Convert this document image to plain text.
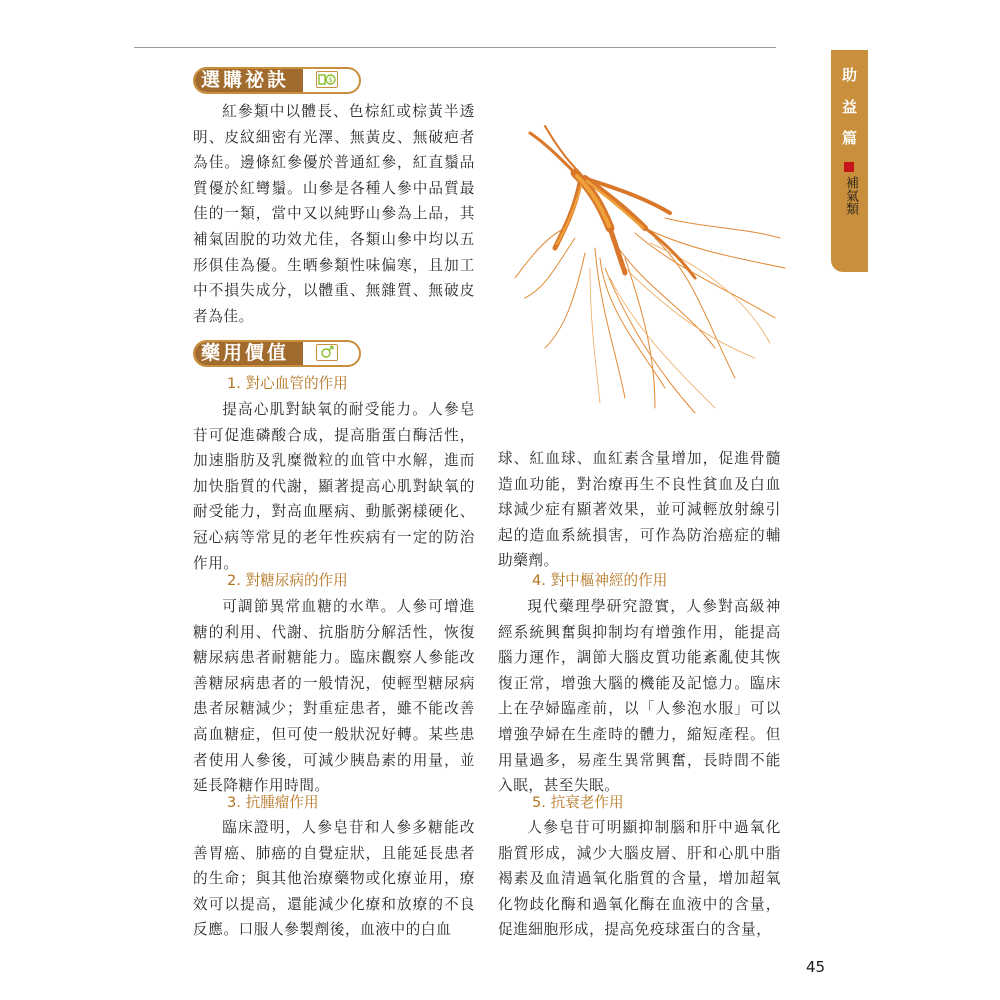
助
益
篇
補氣類
選購祕訣	$

紅參類中以體長、色棕紅或棕黃半透明、皮紋細密有光澤、無黃皮、無破疤者為佳。邊條紅參優於普通紅參，紅直鬚品質優於紅彎鬚。山參是各種人參中品質最佳的一類，當中又以純野山參為上品，其補氣固脫的功效尤佳，各類山參中均以五形俱佳為優。生晒參類性味偏寒，且加工中不損失成分，以體重、無雜質、無破皮者為佳。

藥用價值
1. 對心血管的作用

提高心肌對缺氧的耐受能力。人參皂苷可促進磷酸合成，提高脂蛋白酶活性，加速脂肪及乳糜微粒的血管中水解，進而加快脂質的代謝，顯著提高心肌對缺氧的耐受能力，對高血壓病、動脈粥樣硬化、冠心病等常見的老年性疾病有一定的防治作用。

2. 對糖尿病的作用

可調節異常血糖的水準。人參可增進糖的利用、代謝、抗脂肪分解活性，恢復糖尿病患者耐糖能力。臨床觀察人參能改善糖尿病患者的一般情況，使輕型糖尿病患者尿糖減少；對重症患者，雖不能改善高血糖症，但可使一般狀況好轉。某些患者使用人參後，可減少胰島素的用量，並延長降糖作用時間。

3. 抗腫瘤作用

臨床證明，人參皂苷和人參多糖能改善胃癌、肺癌的自覺症狀，且能延長患者的生命；與其他治療藥物或化療並用，療效可以提高，還能減少化療和放療的不良反應。口服人參製劑後，血液中的白血

球、紅血球、血紅素含量增加，促進骨髓造血功能，對治療再生不良性貧血及白血球減少症有顯著效果，並可減輕放射線引起的造血系統損害，可作為防治癌症的輔助藥劑。

4. 對中樞神經的作用

現代藥理學研究證實，人參對高級神經系統興奮與抑制均有增強作用，能提高腦力運作，調節大腦皮質功能紊亂使其恢復正常，增強大腦的機能及記憶力。臨床上在孕婦臨產前，以「人參泡水服」可以增強孕婦在生產時的體力，縮短產程。但用量過多，易產生異常興奮，長時間不能入眠，甚至失眠。

5. 抗衰老作用

人參皂苷可明顯抑制腦和肝中過氧化脂質形成，減少大腦皮層、肝和心肌中脂褐素及血清過氧化脂質的含量，增加超氧化物歧化酶和過氧化酶在血液中的含量，促進細胞形成，提高免疫球蛋白的含量，

45
